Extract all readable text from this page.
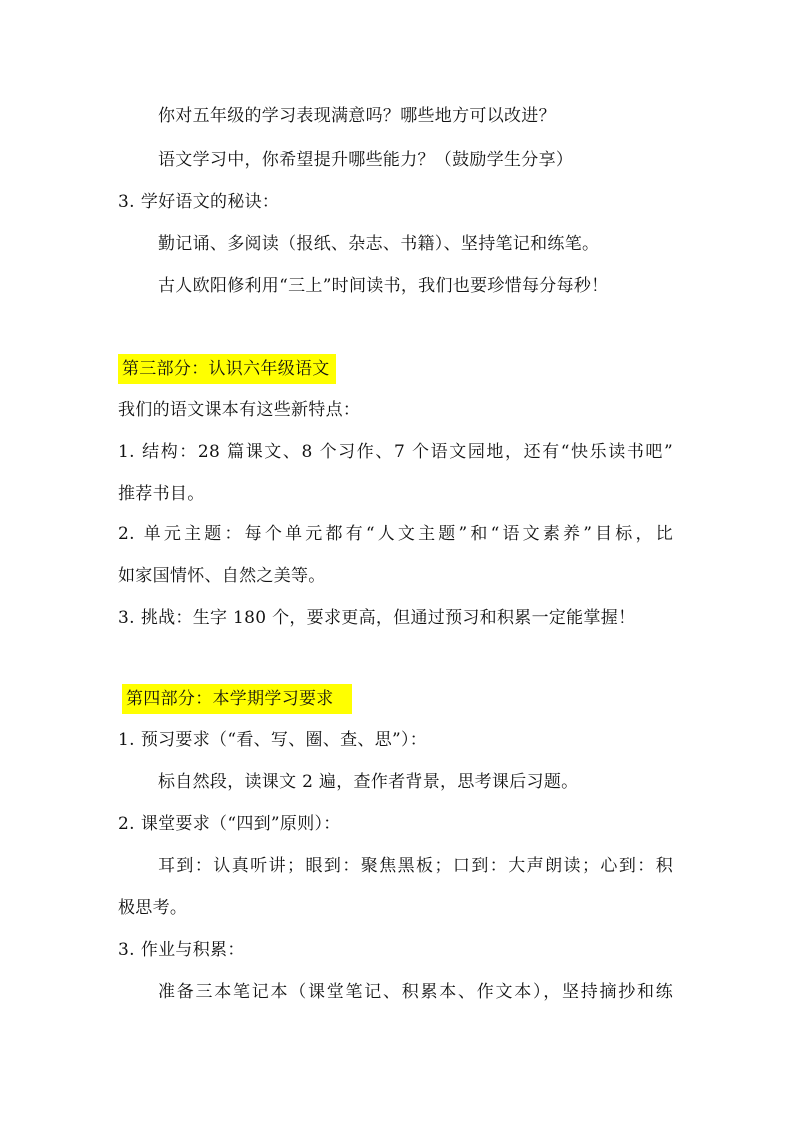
你对五年级的学习表现满意吗？哪些地方可以改进？
语文学习中，你希望提升哪些能力？（鼓励学生分享）
3. 学好语文的秘诀：
勤记诵、多阅读（报纸、杂志、书籍）、坚持笔记和练笔。
古人欧阳修利用“三上”时间读书，我们也要珍惜每分每秒！
第三部分：认识六年级语文
我们的语文课本有这些新特点：
1. 结构：28 篇课文、8 个习作、7 个语文园地，还有“快乐读书吧”
推荐书目。
2. 单元主题：每个单元都有“人文主题”和“语文素养”目标，比
如家国情怀、自然之美等。
3. 挑战：生字 180 个，要求更高，但通过预习和积累一定能掌握！
第四部分：本学期学习要求
1. 预习要求（“看、写、圈、查、思”）：
标自然段，读课文 2 遍，查作者背景，思考课后习题。
2. 课堂要求（“四到”原则）：
耳到：认真听讲；眼到：聚焦黑板；口到：大声朗读；心到：积
极思考。
3. 作业与积累：
准备三本笔记本（课堂笔记、积累本、作文本），坚持摘抄和练
